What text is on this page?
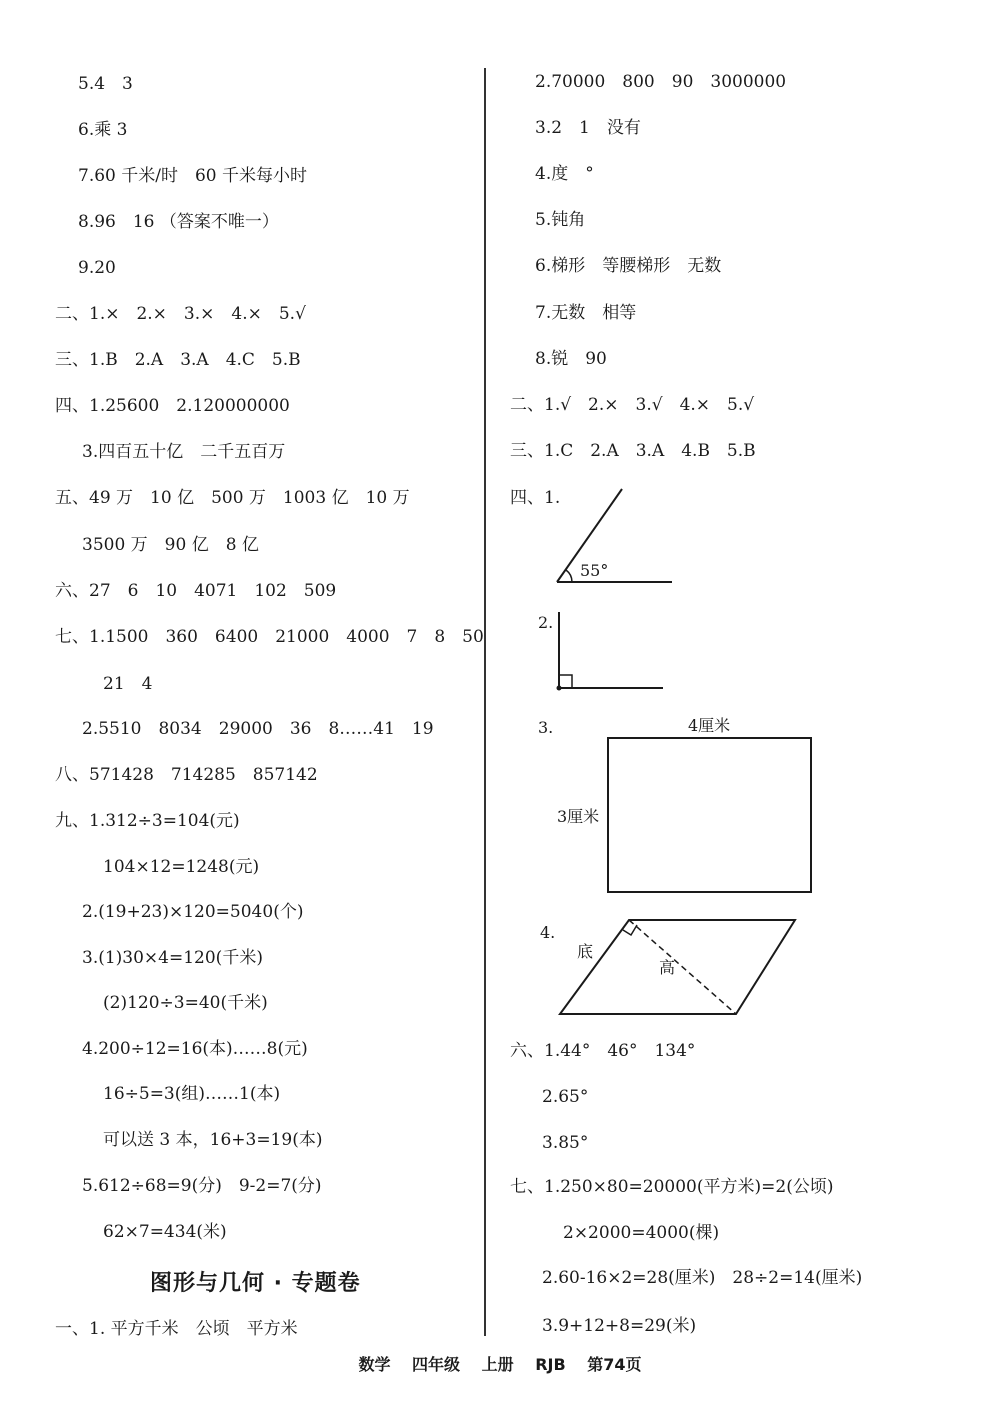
5.4　3
6.乘 3
7.60 千米/时　60 千米每小时
8.96　16 （答案不唯一）
9.20
二、1.×　2.×　3.×　4.×　5.√
三、1.B　2.A　3.A　4.C　5.B
四、1.25600　2.120000000
3.四百五十亿　二千五百万
五、49 万　10 亿　500 万　1003 亿　10 万
3500 万　90 亿　8 亿
六、27　6　10　4071　102　509
七、1.1500　360　6400　21000　4000　7　8　50
21　4
2.5510　8034　29000　36　8……41　19
八、571428　714285　857142
九、1.312÷3=104(元)
104×12=1248(元)
2.(19+23)×120=5040(个)
3.(1)30×4=120(千米)
(2)120÷3=40(千米)
4.200÷12=16(本)……8(元)
16÷5=3(组)……1(本)
可以送 3 本，16+3=19(本)
5.612÷68=9(分)　9-2=7(分)
62×7=434(米)
图形与几何 · 专题卷
一、1. 平方千米　公顷　平方米
2.70000　800　90　3000000
3.2　1　没有
4.度　°
5.钝角
6.梯形　等腰梯形　无数
7.无数　相等
8.锐　90
二、1.√　2.×　3.√　4.×　5.√
三、1.C　2.A　3.A　4.B　5.B
四、1.
六、1.44°　46°　134°
2.65°
3.85°
七、1.250×80=20000(平方米)=2(公顷)
2×2000=4000(棵)
2.60-16×2=28(厘米)　28÷2=14(厘米)
3.9+12+8=29(米)
55°
2.
3.	4厘米
3厘米
4.
底
高
数学 四年级 上册 RJB 第74页
